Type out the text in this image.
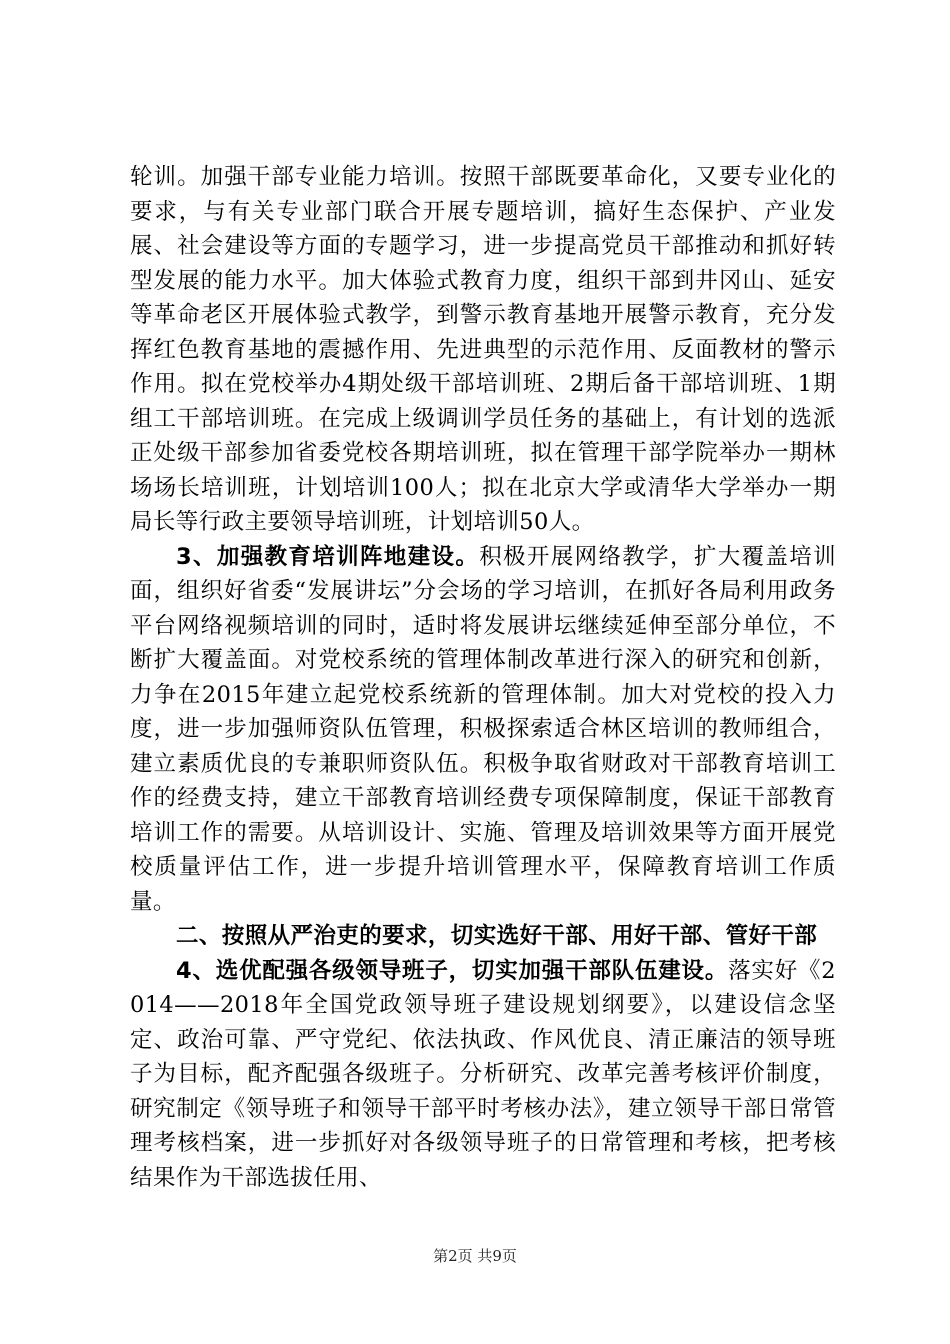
轮训。加强干部专业能力培训。按照干部既要革命化，又要专业化的要求，与有关专业部门联合开展专题培训，搞好生态保护、产业发展、社会建设等方面的专题学习，进一步提高党员干部推动和抓好转型发展的能力水平。加大体验式教育力度，组织干部到井冈山、延安等革命老区开展体验式教学，到警示教育基地开展警示教育，充分发挥红色教育基地的震撼作用、先进典型的示范作用、反面教材的警示作用。拟在党校举办4期处级干部培训班、2期后备干部培训班、1期组工干部培训班。在完成上级调训学员任务的基础上，有计划的选派正处级干部参加省委党校各期培训班，拟在管理干部学院举办一期林场场长培训班，计划培训100人；拟在北京大学或清华大学举办一期局长等行政主要领导培训班，计划培训50人。

3、加强教育培训阵地建设。积极开展网络教学，扩大覆盖培训面，组织好省委“发展讲坛”分会场的学习培训，在抓好各局利用政务平台网络视频培训的同时，适时将发展讲坛继续延伸至部分单位，不断扩大覆盖面。对党校系统的管理体制改革进行深入的研究和创新，力争在2015年建立起党校系统新的管理体制。加大对党校的投入力度，进一步加强师资队伍管理，积极探索适合林区培训的教师组合，建立素质优良的专兼职师资队伍。积极争取省财政对干部教育培训工作的经费支持，建立干部教育培训经费专项保障制度，保证干部教育培训工作的需要。从培训设计、实施、管理及培训效果等方面开展党校质量评估工作，进一步提升培训管理水平，保障教育培训工作质量。

二、按照从严治吏的要求，切实选好干部、用好干部、管好干部

4、选优配强各级领导班子，切实加强干部队伍建设。落实好《2014——2018年全国党政领导班子建设规划纲要》，以建设信念坚定、政治可靠、严守党纪、依法执政、作风优良、清正廉洁的领导班子为目标，配齐配强各级班子。分析研究、改革完善考核评价制度，研究制定《领导班子和领导干部平时考核办法》，建立领导干部日常管理考核档案，进一步抓好对各级领导班子的日常管理和考核，把考核结果作为干部选拔任用、

第2页 共9页
